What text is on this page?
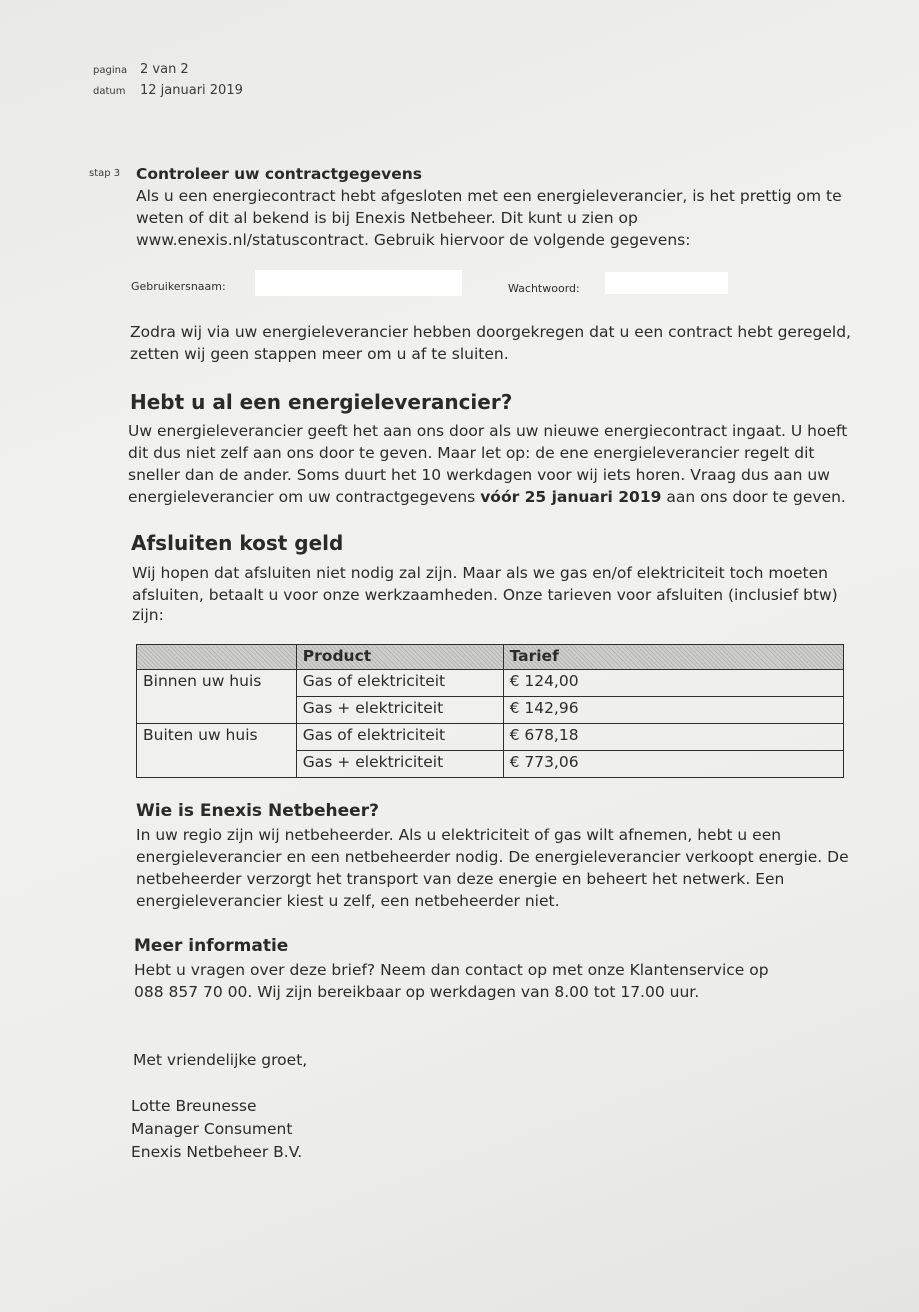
pagina 2 van 2
datum 12 januari 2019
stap 3 Controleer uw contractgegevens
Als u een energiecontract hebt afgesloten met een energieleverancier, is het prettig om te
weten of dit al bekend is bij Enexis Netbeheer. Dit kunt u zien op
www.enexis.nl/statuscontract. Gebruik hiervoor de volgende gegevens:
Gebruikersnaam:	Wachtwoord:
Zodra wij via uw energieleverancier hebben doorgekregen dat u een contract hebt geregeld,
zetten wij geen stappen meer om u af te sluiten.
Hebt u al een energieleverancier?
Uw energieleverancier geeft het aan ons door als uw nieuwe energiecontract ingaat. U hoeft
dit dus niet zelf aan ons door te geven. Maar let op: de ene energieleverancier regelt dit
sneller dan de ander. Soms duurt het 10 werkdagen voor wij iets horen. Vraag dus aan uw
energieleverancier om uw contractgegevens vóór 25 januari 2019 aan ons door te geven.
Afsluiten kost geld
Wij hopen dat afsluiten niet nodig zal zijn. Maar als we gas en/of elektriciteit toch moeten
afsluiten, betaalt u voor onze werkzaamheden. Onze tarieven voor afsluiten (inclusief btw)
zijn:
	Product	Tarief
Binnen uw huis	Gas of elektriciteit	€ 124,00
	Gas + elektriciteit	€ 142,96
Buiten uw huis	Gas of elektriciteit	€ 678,18
	Gas + elektriciteit	€ 773,06
Wie is Enexis Netbeheer?
In uw regio zijn wij netbeheerder. Als u elektriciteit of gas wilt afnemen, hebt u een
energieleverancier en een netbeheerder nodig. De energieleverancier verkoopt energie. De
netbeheerder verzorgt het transport van deze energie en beheert het netwerk. Een
energieleverancier kiest u zelf, een netbeheerder niet.
Meer informatie
Hebt u vragen over deze brief? Neem dan contact op met onze Klantenservice op
088 857 70 00. Wij zijn bereikbaar op werkdagen van 8.00 tot 17.00 uur.
Met vriendelijke groet,
Lotte Breunesse
Manager Consument
Enexis Netbeheer B.V.
